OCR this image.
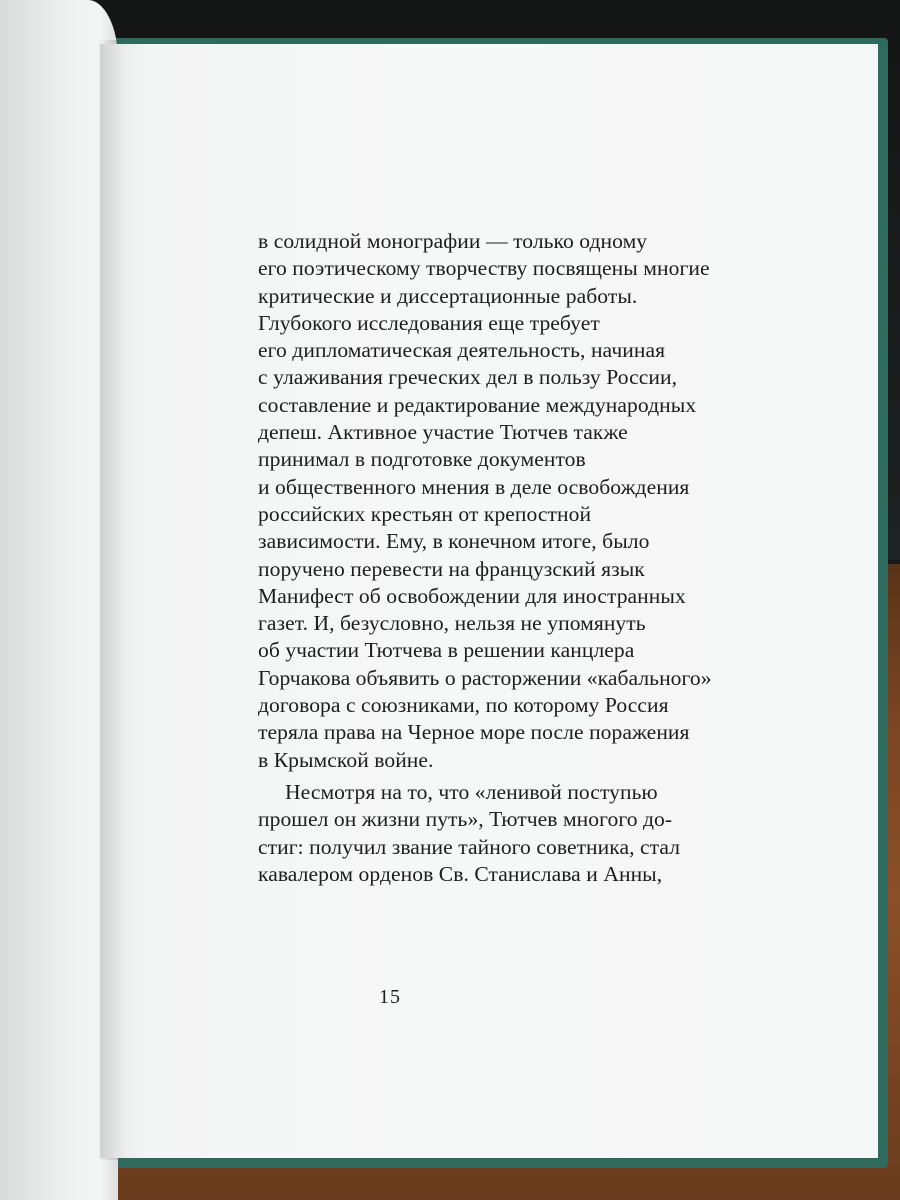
в солидной монографии — только одному
его поэтическому творчеству посвящены многие
критические и диссертационные работы.
Глубокого исследования еще требует
его дипломатическая деятельность, начиная
с улаживания греческих дел в пользу России,
составление и редактирование международных
депеш. Активное участие Тютчев также
принимал в подготовке документов
и общественного мнения в деле освобождения
российских крестьян от крепостной
зависимости. Ему, в конечном итоге, было
поручено перевести на французский язык
Манифест об освобождении для иностранных
газет. И, безусловно, нельзя не упомянуть
об участии Тютчева в решении канцлера
Горчакова объявить о расторжении «кабального»
договора с союзниками, по которому Россия
теряла права на Черное море после поражения
в Крымской войне.
Несмотря на то, что «ленивой поступью
прошел он жизни путь», Тютчев многого до-
стиг: получил звание тайного советника, стал
кавалером орденов Св. Станислава и Анны,
15
